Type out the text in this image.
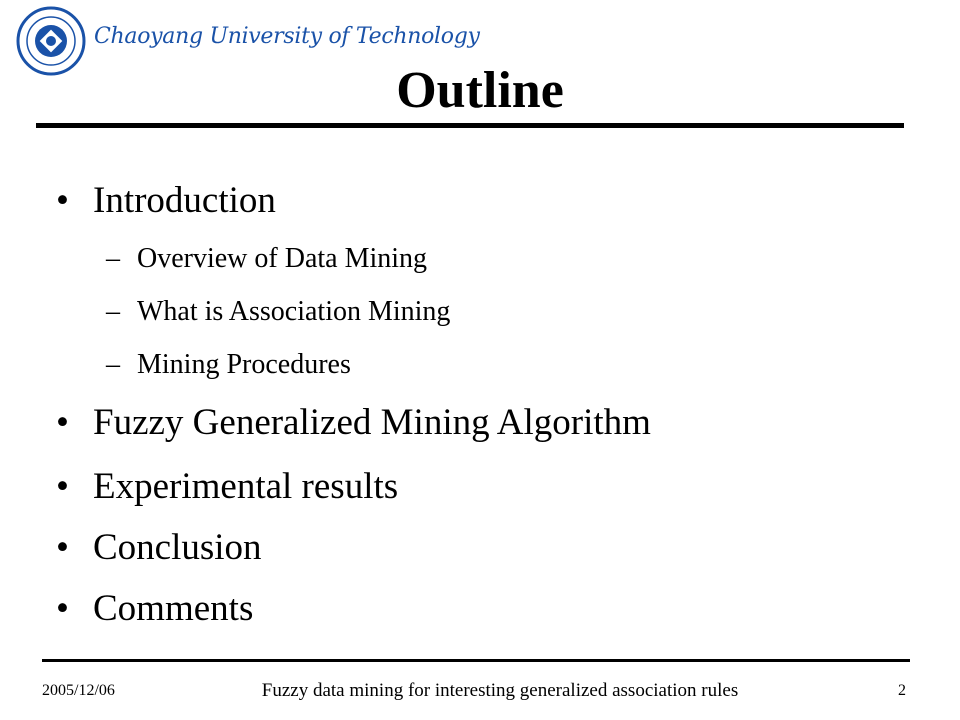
Chaoyang University of Technology
Outline
• Introduction
– Overview of Data Mining
– What is Association Mining
– Mining Procedures
• Fuzzy Generalized Mining Algorithm
• Experimental results
• Conclusion
• Comments
2005/12/06	Fuzzy data mining for interesting generalized association rules	2
